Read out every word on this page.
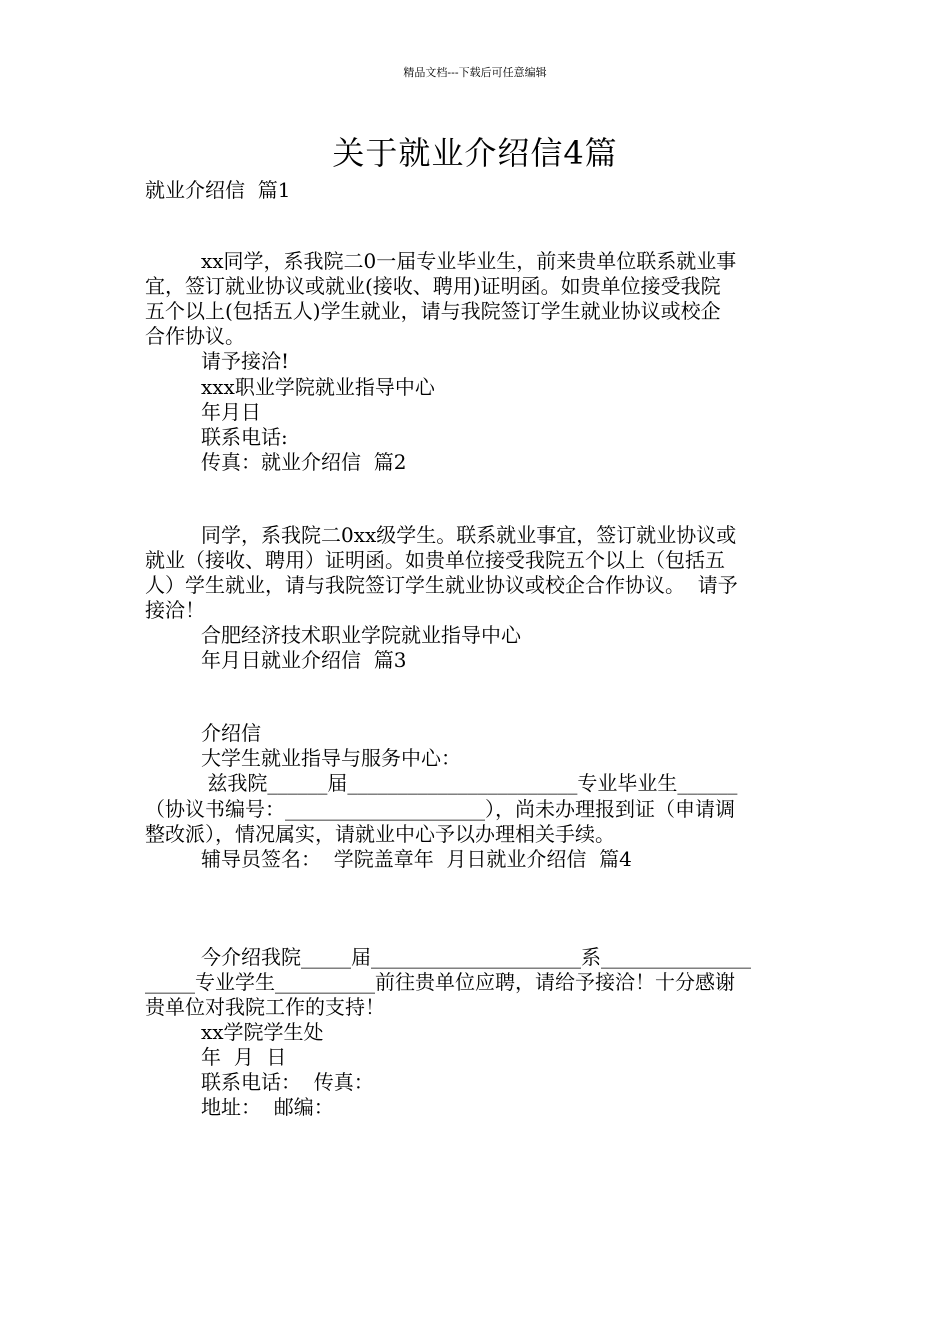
精品文档---下载后可任意编辑
关于就业介绍信4篇
就业介绍信  篇1
xx同学，系我院二0一届专业毕业生，前来贵单位联系就业事
宜，签订就业协议或就业(接收、聘用)证明函。如贵单位接受我院
五个以上(包括五人)学生就业，请与我院签订学生就业协议或校企
合作协议。
请予接洽!
xxx职业学院就业指导中心
年月日
联系电话:
传真：就业介绍信  篇2
同学，系我院二0xx级学生。联系就业事宜，签订就业协议或
就业（接收、聘用）证明函。如贵单位接受我院五个以上（包括五
人）学生就业，请与我院签订学生就业协议或校企合作协议。  请予
接洽！
合肥经济技术职业学院就业指导中心
年月日就业介绍信  篇3
介绍信
大学生就业指导与服务中心：
兹我院______届_______________________专业毕业生______
（协议书编号：____________________），尚未办理报到证（申请调
整改派），情况属实，请就业中心予以办理相关手续。
辅导员签名：  学院盖章年  月日就业介绍信  篇4
今介绍我院_____届_____________________系_______________
_____专业学生__________前往贵单位应聘，请给予接洽！十分感谢
贵单位对我院工作的支持！
xx学院学生处
年  月  日
联系电话：  传真：
地址：  邮编：
